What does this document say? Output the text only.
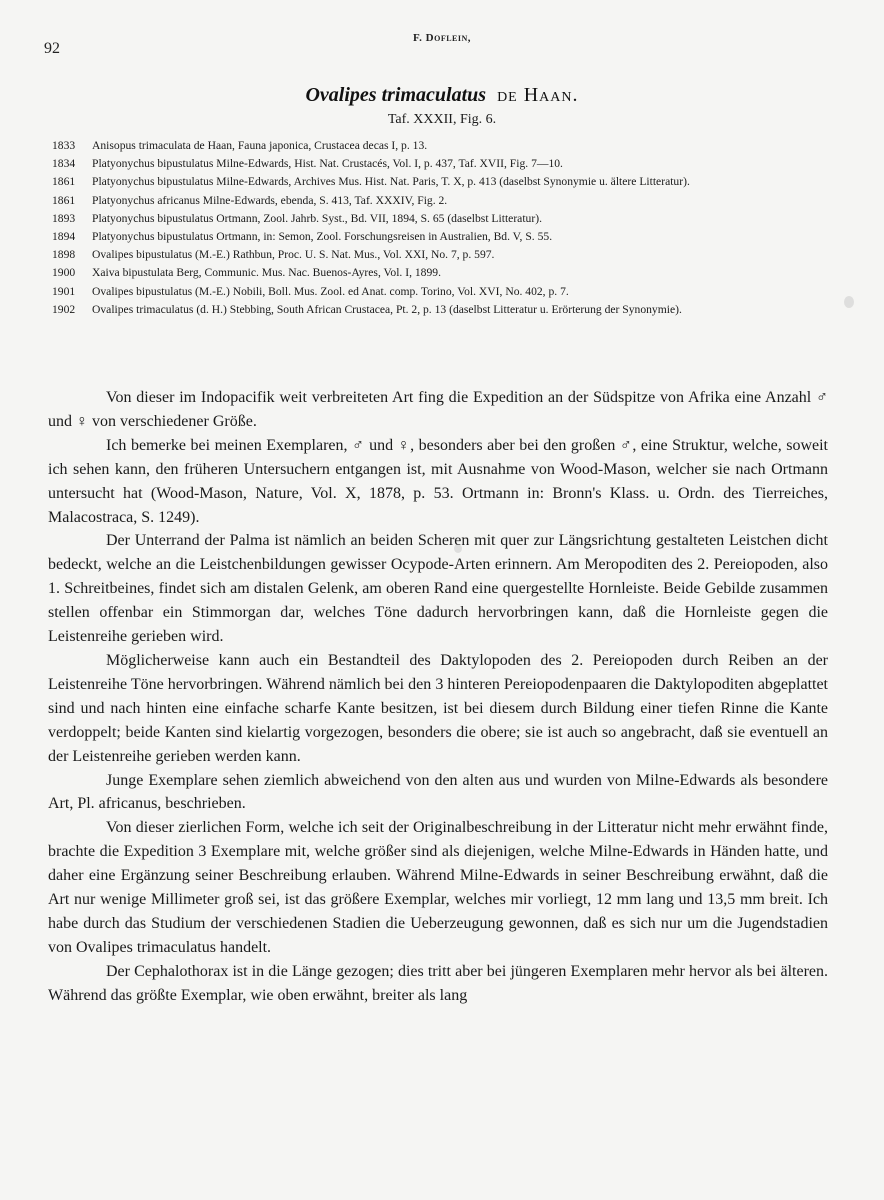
92
F. Doflein,
Ovalipes trimaculatus de Haan.
Taf. XXXII, Fig. 6.
1833	Anisopus trimaculata de Haan, Fauna japonica, Crustacea decas I, p. 13.
1834	Platyonychus bipustulatus Milne-Edwards, Hist. Nat. Crustacés, Vol. I, p. 437, Taf. XVII, Fig. 7—10.
1861	Platyonychus bipustulatus Milne-Edwards, Archives Mus. Hist. Nat. Paris, T. X, p. 413 (daselbst Synonymie u. ältere Litteratur).
1861	Platyonychus africanus Milne-Edwards, ebenda, S. 413, Taf. XXXIV, Fig. 2.
1893	Platyonychus bipustulatus Ortmann, Zool. Jahrb. Syst., Bd. VII, 1894, S. 65 (daselbst Litteratur).
1894	Platyonychus bipustulatus Ortmann, in: Semon, Zool. Forschungsreisen in Australien, Bd. V, S. 55.
1898	Ovalipes bipustulatus (M.-E.) Rathbun, Proc. U. S. Nat. Mus., Vol. XXI, No. 7, p. 597.
1900	Xaiva bipustulata Berg, Communic. Mus. Nac. Buenos-Ayres, Vol. I, 1899.
1901	Ovalipes bipustulatus (M.-E.) Nobili, Boll. Mus. Zool. ed Anat. comp. Torino, Vol. XVI, No. 402, p. 7.
1902	Ovalipes trimaculatus (d. H.) Stebbing, South African Crustacea, Pt. 2, p. 13 (daselbst Litteratur u. Erörterung der Synonymie).

Von dieser im Indopacifik weit verbreiteten Art fing die Expedition an der Südspitze von Afrika eine Anzahl ♂ und ♀ von verschiedener Größe.

Ich bemerke bei meinen Exemplaren, ♂ und ♀, besonders aber bei den großen ♂, eine Struktur, welche, soweit ich sehen kann, den früheren Untersuchern entgangen ist, mit Ausnahme von Wood-Mason, welcher sie nach Ortmann untersucht hat (Wood-Mason, Nature, Vol. X, 1878, p. 53. Ortmann in: Bronn's Klass. u. Ordn. des Tierreiches, Malacostraca, S. 1249).

Der Unterrand der Palma ist nämlich an beiden Scheren mit quer zur Längsrichtung gestalteten Leistchen dicht bedeckt, welche an die Leistchenbildungen gewisser Ocypode-Arten erinnern. Am Meropoditen des 2. Pereiopoden, also 1. Schreitbeines, findet sich am distalen Gelenk, am oberen Rand eine quergestellte Hornleiste. Beide Gebilde zusammen stellen offenbar ein Stimmorgan dar, welches Töne dadurch hervorbringen kann, daß die Hornleiste gegen die Leistenreihe gerieben wird.

Möglicherweise kann auch ein Bestandteil des Daktylopoden des 2. Pereiopoden durch Reiben an der Leistenreihe Töne hervorbringen. Während nämlich bei den 3 hinteren Pereiopodenpaaren die Daktylopoditen abgeplattet sind und nach hinten eine einfache scharfe Kante besitzen, ist bei diesem durch Bildung einer tiefen Rinne die Kante verdoppelt; beide Kanten sind kielartig vorgezogen, besonders die obere; sie ist auch so angebracht, daß sie eventuell an der Leistenreihe gerieben werden kann.

Junge Exemplare sehen ziemlich abweichend von den alten aus und wurden von Milne-Edwards als besondere Art, Pl. africanus, beschrieben.

Von dieser zierlichen Form, welche ich seit der Originalbeschreibung in der Litteratur nicht mehr erwähnt finde, brachte die Expedition 3 Exemplare mit, welche größer sind als diejenigen, welche Milne-Edwards in Händen hatte, und daher eine Ergänzung seiner Beschreibung erlauben. Während Milne-Edwards in seiner Beschreibung erwähnt, daß die Art nur wenige Millimeter groß sei, ist das größere Exemplar, welches mir vorliegt, 12 mm lang und 13,5 mm breit. Ich habe durch das Studium der verschiedenen Stadien die Ueberzeugung gewonnen, daß es sich nur um die Jugendstadien von Ovalipes trimaculatus handelt.

Der Cephalothorax ist in die Länge gezogen; dies tritt aber bei jüngeren Exemplaren mehr hervor als bei älteren. Während das größte Exemplar, wie oben erwähnt, breiter als lang
